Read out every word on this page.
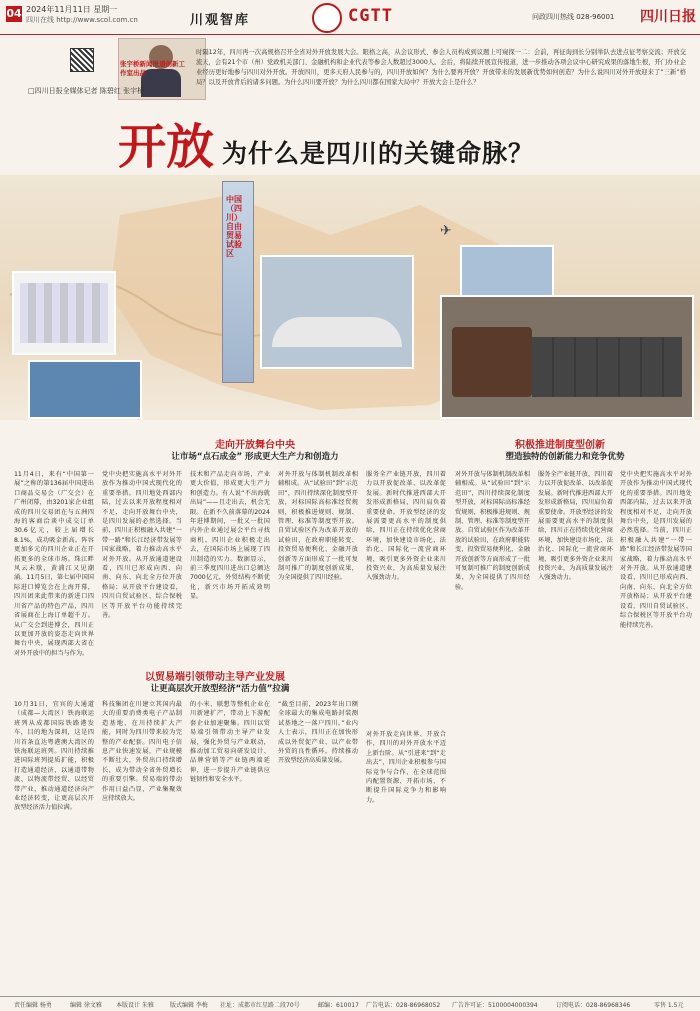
04 2024年11月11日 星期一
四川在线 http://www.scol.com.cn	川观智库	CGTT	问政四川热线 028-96001 四川日报
张宇桥新闻报道创新工作室出品
□四川日报全媒体记者 陈碧红 张宇桥
时隔12年，四川再一次高规格召开全省对外开放发展大会。眼格之高，从会议形式、参会人员构成到议题上可窥探一二：会前，再征询到长分别举队去进点征考察交流；开放交流天，会有21个市（州）党政机关部门、金融机构和企业代表等参会人数超过3000人。会后，将陆续开展宣传报道，进一步推动各项会议中心研究成果的落地生根，开门办业企业经历更好地参与四川对外开放。开放四川，更多天府人民参与的，四川开放如何？为什么要再开放？开放带来的发展新优势如何创造？为什么说四川对外开放迎来了“三新”格局？以及开放背后的诸多问题。为什么四川要开放？为什么四川都在国家大局中？开放大会上是什么？
开放 为什么是四川的关键命脉？
中国（四川）自由贸易试验区
✈
走向开放舞台中央
让市场“点石成金” 形成更大生产力和创造力
积极推进制度型创新
塑造独特的创新能力和竞争优势
11月4日，来有“中国第一展”之称的第136届中国进出口商品交易会（广交会）在广州闭幕，由3201家企业组成的四川交易团在与五洲四海的客商洽谈中成交订单30.6亿元，较上届增长8.1%，成功吸金新高。阵容更加多元的四川企业正在开拓更多的全球市场。珠江畔风云未歇，黄浦江又见潮涌。11月5日，第七届中国国际进口博览会在上海开幕，四川团来此带来的新进口四川省产品的特色产品，四川省展商在上海订单超千万。从广交会到进博会，四川正以更加开放的姿态走向世界舞台中央，展现西部大省在对外开放中的担当与作为。
党中央把实施高水平对外开放作为推动中国式现代化的重要举措。四川地处西部内陆，过去以来开放程度相对不足，走向开放舞台中央，是四川发展的必然选择。当前，四川正积极融入共建“一带一路”和长江经济带发展等国家战略，着力推动高水平对外开放。从开放通道建设看，四川已形成向西、向南、向东、向北全方位开放格局；从开放平台建设看，四川自贸试验区、综合保税区等开放平台功能持续完善。
技术和产品走向市场，产业更大价值，形成更大生产力和创造力。有人说“不出海就出局”——且走出去，机会无限。在新不久前落幕的2024年进博期间，一批又一批国内外企业通过展会平台寻找商机。四川企业积极走出去，在国际市场上展现了四川制造的实力。数据显示，前三季度四川进出口总额达7000亿元，外贸结构不断优化，新兴市场开拓成效明显。
对外开放与体制机制改革相辅相成。从“试验田”到“示范田”，四川持续深化制度型开放，对标国际高标准经贸规则，积极推进规则、规制、管理、标准等制度型开放。自贸试验区作为改革开放的试验田，在政府职能转变、投资贸易便利化、金融开放创新等方面形成了一批可复制可推广的制度创新成果，为全国提供了四川经验。
服务全产业链开放，四川着力以开放促改革、以改革促发展。新时代推进西部大开发形成新格局，四川肩负着重要使命。开放型经济的发展需要更高水平的制度供给，四川正在持续优化营商环境，加快建设市场化、法治化、国际化一流营商环境，吸引更多外资企业来川投资兴业，为高质量发展注入强劲动力。
对外开放与体制机制改革相辅相成。从“试验田”到“示范田”，四川持续深化制度型开放，对标国际高标准经贸规则，积极推进规则、规制、管理、标准等制度型开放。自贸试验区作为改革开放的试验田，在政府职能转变、投资贸易便利化、金融开放创新等方面形成了一批可复制可推广的制度创新成果，为全国提供了四川经验。
服务全产业链开放，四川着力以开放促改革、以改革促发展。新时代推进西部大开发形成新格局，四川肩负着重要使命。开放型经济的发展需要更高水平的制度供给，四川正在持续优化营商环境，加快建设市场化、法治化、国际化一流营商环境，吸引更多外资企业来川投资兴业，为高质量发展注入强劲动力。
党中央把实施高水平对外开放作为推动中国式现代化的重要举措。四川地处西部内陆，过去以来开放程度相对不足，走向开放舞台中央，是四川发展的必然选择。当前，四川正积极融入共建“一带一路”和长江经济带发展等国家战略，着力推动高水平对外开放。从开放通道建设看，四川已形成向西、向南、向东、向北全方位开放格局；从开放平台建设看，四川自贸试验区、综合保税区等开放平台功能持续完善。
以贸易端引领带动主导产业发展
让更高层次开放型经济“活力值”拉满
10月31日，宜宾的大通道（成都—大湾区）铁海联运班列从成都国际铁路港发车，目的地为深圳，这是四川首条直达粤港澳大湾区的铁海联运班列。四川持续推进国际班列提质扩能，积极打造通道经济，以通道带物流、以物流带经贸、以经贸带产业，推动通道经济向产业经济转变，让更高层次开放型经济活力值拉满。
科技集团在川建立其国内最大的重要消费类电子产品制造基地，在川持续扩大产能，同时为四川带来较为完整的产业配套。四川电子信息产业快速发展，产业规模不断壮大，外贸出口持续增长，成为带动全省外贸增长的重要引擎。贸易端的带动作用日益凸显，产业集聚效应持续放大。
的小米、联想等整机企业在川新建扩产，带动上下游配套企业加速聚集。四川以贸易端引领带动主导产业发展，强化外贸与产业联动，推动加工贸易向研发设计、品牌营销等产业链两端延伸，进一步提升产业链供应链韧性和安全水平。
“截至目前，2023年出口额全球最大的集成电路封装测试基地之一落户四川。”业内人士表示，四川正在加快形成以外贸促产业、以产业带外贸的良性循环，持续推动开放型经济高质量发展。
对外开放走向世界、开放合作，四川的对外开放水平迈上新台阶。从“引进来”到“走出去”，四川企业积极参与国际竞争与合作，在全球范围内配置资源、开拓市场，不断提升国际竞争力和影响力。
责任编辑 杨勇	编辑 徐文雅 本版设计 朱雅	版式编辑 李梅 社址：成都市红星路二段70号	邮编：610017 广告电话：028-86968052 广告许可证：5100004000394	订阅电话：028-86968346	零售 1.5元
